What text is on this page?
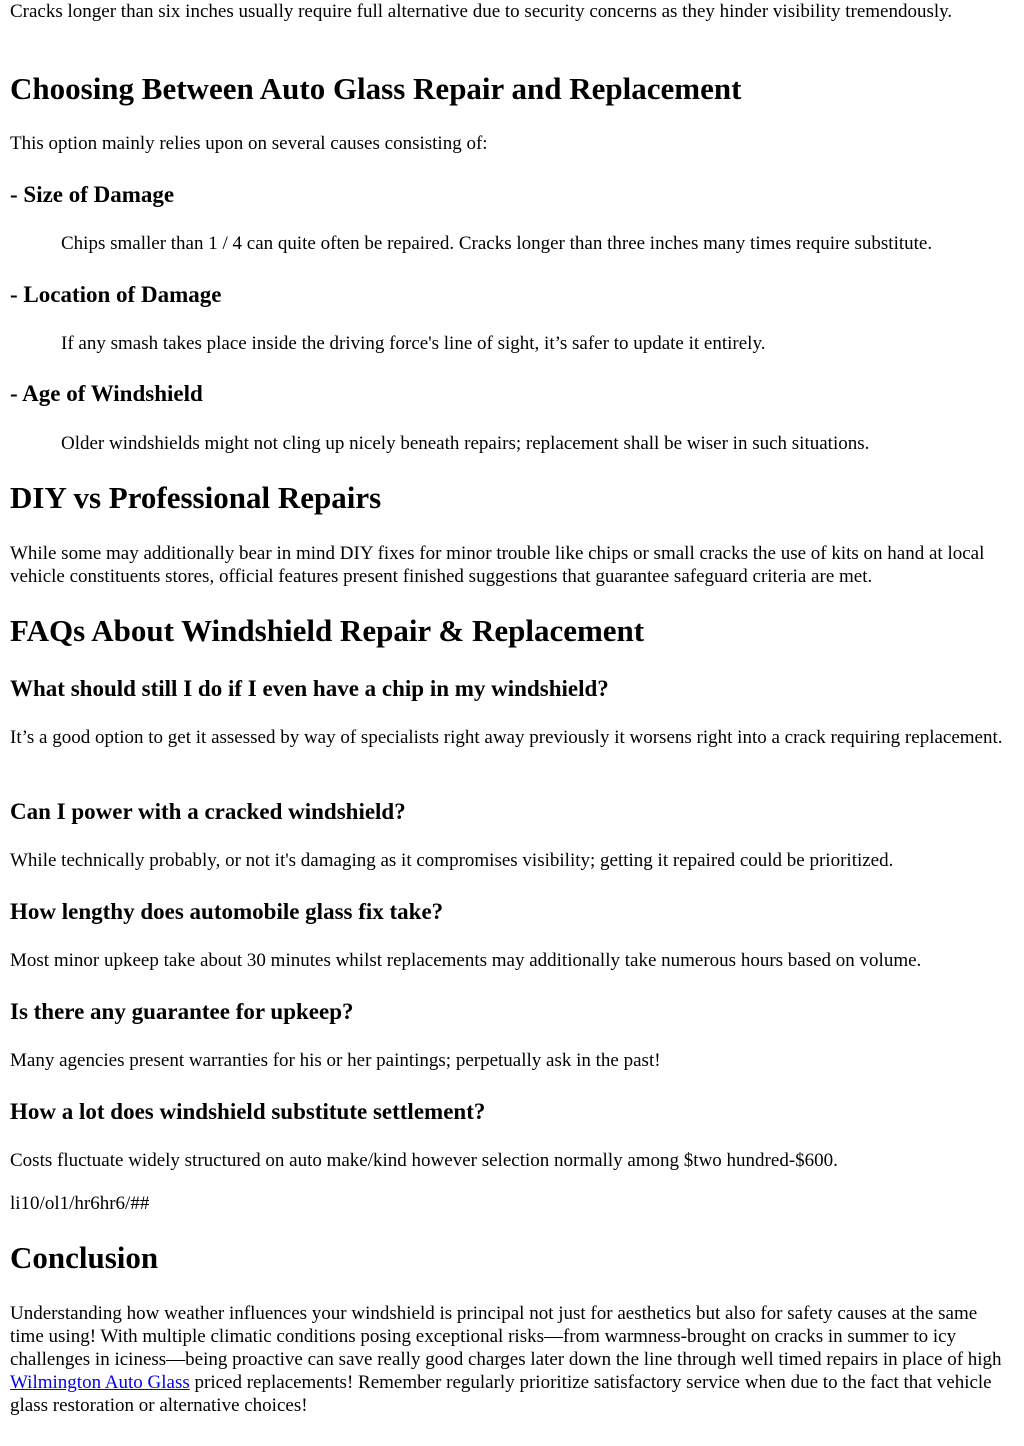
Cracks longer than six inches usually require full alternative due to security concerns as they hinder visibility tremendously.

Choosing Between Auto Glass Repair and Replacement

This option mainly relies upon on several causes consisting of:

- Size of Damage

Chips smaller than 1 / 4 can quite often be repaired. Cracks longer than three inches many times require substitute.

- Location of Damage

If any smash takes place inside the driving force's line of sight, it’s safer to update it entirely.

- Age of Windshield

Older windshields might not cling up nicely beneath repairs; replacement shall be wiser in such situations.

DIY vs Professional Repairs

While some may additionally bear in mind DIY fixes for minor trouble like chips or small cracks the use of kits on hand at local vehicle constituents stores, official features present finished suggestions that guarantee safeguard criteria are met.

FAQs About Windshield Repair & Replacement
What should still I do if I even have a chip in my windshield?

It’s a good option to get it assessed by way of specialists right away previously it worsens right into a crack requiring replacement.

Can I power with a cracked windshield?

While technically probably, or not it's damaging as it compromises visibility; getting it repaired could be prioritized.

How lengthy does automobile glass fix take?

Most minor upkeep take about 30 minutes whilst replacements may additionally take numerous hours based on volume.

Is there any guarantee for upkeep?

Many agencies present warranties for his or her paintings; perpetually ask in the past!

How a lot does windshield substitute settlement?

Costs fluctuate widely structured on auto make/kind however selection normally among $two hundred-$600.

li10/ol1/hr6hr6/##

Conclusion

Understanding how weather influences your windshield is principal not just for aesthetics but also for safety causes at the same time using! With multiple climatic conditions posing exceptional risks—from warmness-brought on cracks in summer to icy challenges in iciness—being proactive can save really good charges later down the line through well timed repairs in place of high Wilmington Auto Glass priced replacements! Remember regularly prioritize satisfactory service when due to the fact that vehicle glass restoration or alternative choices!
